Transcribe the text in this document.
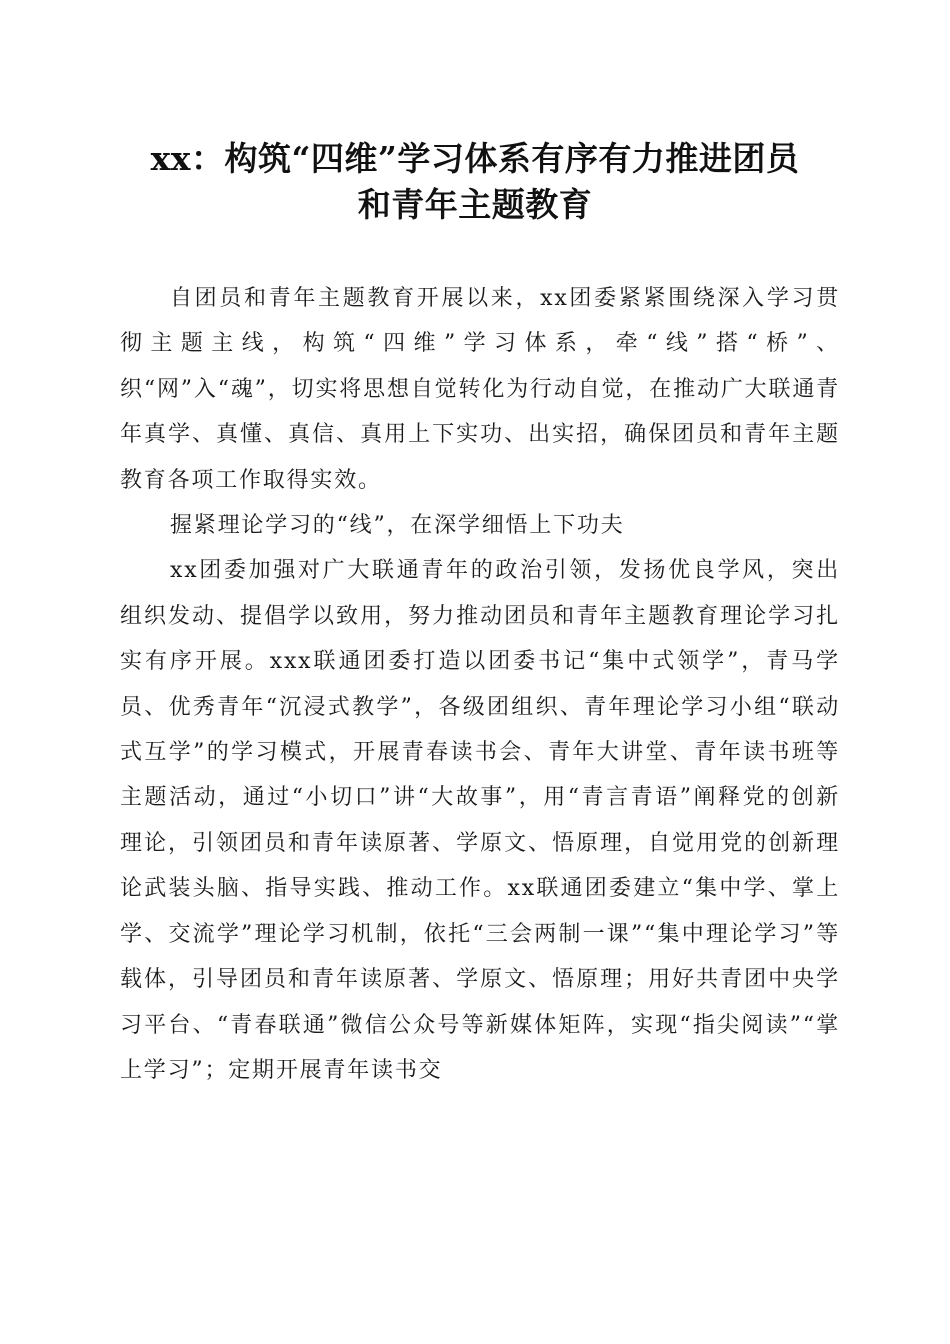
xx：构筑“四维”学习体系有序有力推进团员
和青年主题教育

自团员和青年主题教育开展以来，xx团委紧紧围绕深入学习贯彻主题主线，构筑“四维”学习体系，牵“线”搭“桥”、织“网”入“魂”，切实将思想自觉转化为行动自觉，在推动广大联通青年真学、真懂、真信、真用上下实功、出实招，确保团员和青年主题教育各项工作取得实效。

握紧理论学习的“线”，在深学细悟上下功夫

xx团委加强对广大联通青年的政治引领，发扬优良学风，突出组织发动、提倡学以致用，努力推动团员和青年主题教育理论学习扎实有序开展。xxx联通团委打造以团委书记“集中式领学”，青马学员、优秀青年“沉浸式教学”，各级团组织、青年理论学习小组“联动式互学”的学习模式，开展青春读书会、青年大讲堂、青年读书班等主题活动，通过“小切口”讲“大故事”，用“青言青语”阐释党的创新理论，引领团员和青年读原著、学原文、悟原理，自觉用党的创新理论武装头脑、指导实践、推动工作。xx联通团委建立“集中学、掌上学、交流学”理论学习机制，依托“三会两制一课”“集中理论学习”等载体，引导团员和青年读原著、学原文、悟原理；用好共青团中央学习平台、“青春联通”微信公众号等新媒体矩阵，实现“指尖阅读”“掌上学习”；定期开展青年读书交
